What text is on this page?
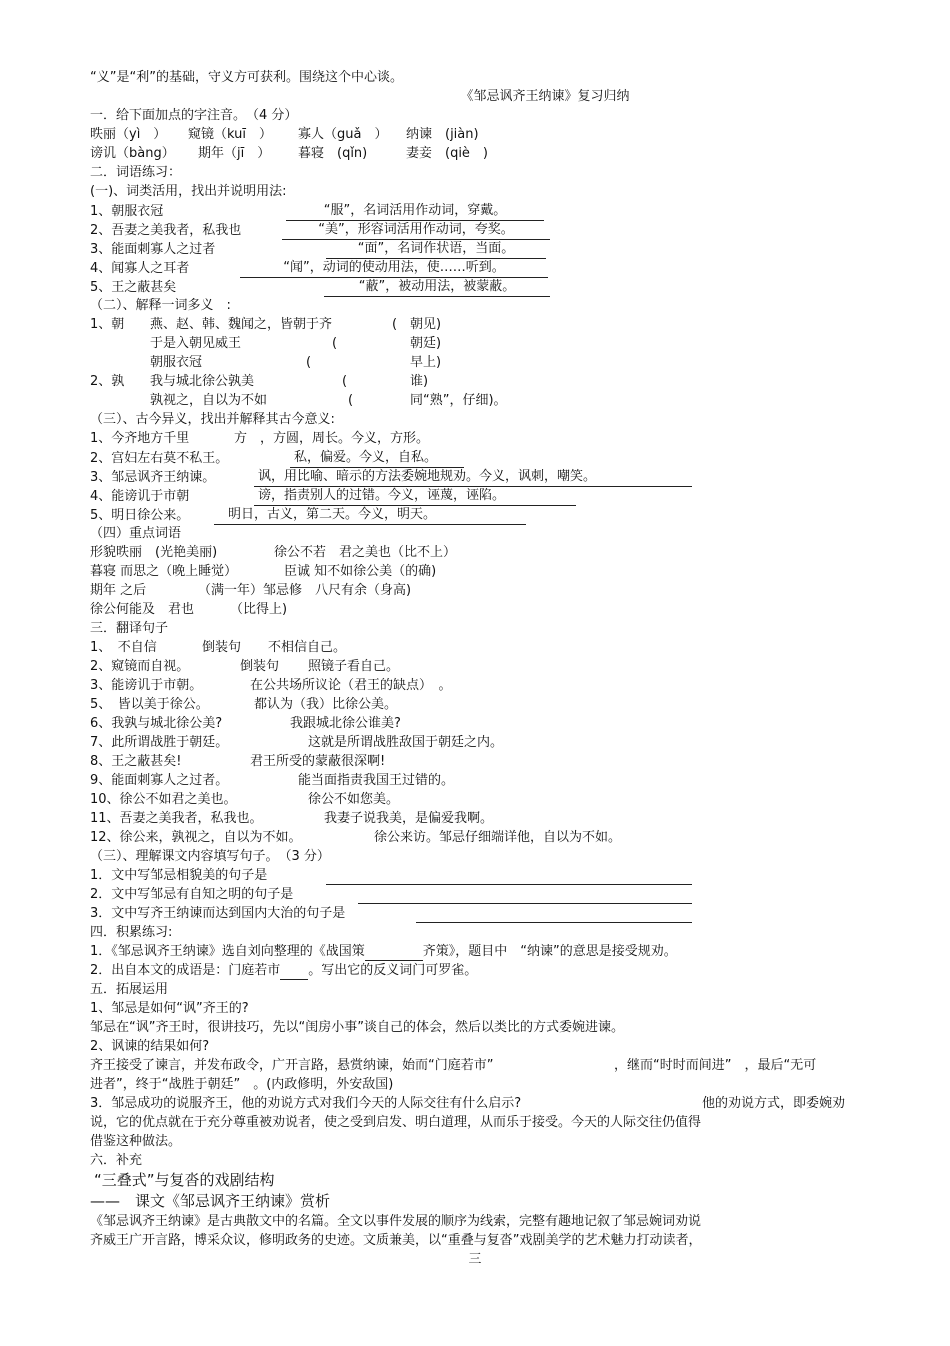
“义”是“利”的基础，守义方可获利。围绕这个中心谈。
《邹忌讽齐王纳谏》复习归纳
一．给下面加点的字注音。　（4 分）
昳丽（yì　） 窥镜（kuī　） 寡人（guǎ　） 纳谏　(jiàn)
谤讥（bàng） 期年（jī　） 暮寝　(qǐn)	妻妾　(qiè　)
二．词语练习：
(一)、词类活用，找出并说明用法:
1、朝服衣冠	“服”，名词活用作动词，穿戴。
2、吾妻之美我者，私我也	“美”，形容词活用作动词，夸奖。
3、能面刺寡人之过者	“面”，名词作状语，当面。
4、闻寡人之耳者	“闻”，动词的使动用法，使……听到。
5、王之蔽甚矣	“蔽”，被动用法，被蒙蔽。
（二）、解释一词多义　:
1、朝 燕、赵、韩、魏闻之，皆朝于齐	( 朝见)
于是入朝见威王	(	朝廷)
朝服衣冠	(	早上)
2、孰 我与城北徐公孰美	(	谁)
孰视之，自以为不如	(	同“熟”，仔细)。
（三）、古今异义，找出并解释其古今意义:
1、今齐地方千里	方　，方圆，周长。今义，方形。
2、宫妇左右莫不私王。	私，偏爱。今义，自私。
3、邹忌讽齐王纳谏。	讽，用比喻、暗示的方法委婉地规劝。今义，讽刺，嘲笑。
4、能谤讥于市朝	谤，指责别人的过错。今义，诬蔑，诬陷。
5、明日徐公来。	明日，古义，第二天。今义，明天。
（四）重点词语
形貌昳丽　(光艳美丽)	徐公不若　君之美也（比不上）
暮寝 而思之（晚上睡觉）	臣诚 知不如徐公美（的确)
期年 之后	（满一年）邹忌修　八尺有余（身高)
徐公何能及　君也	（比得上)
三．翻译句子
1、　不自信	倒装句 不相信自己。
2、窥镜而自视。	倒装句 照镜子看自己。
3、能谤讥于市朝。	在公共场所议论（君王的缺点）　。
5、　皆以美于徐公。	都认为（我）比徐公美。
6、我孰与城北徐公美?	我跟城北徐公谁美?
7、此所谓战胜于朝廷。	这就是所谓战胜敌国于朝廷之内。
8、王之蔽甚矣!	君王所受的蒙蔽很深啊!
9、能面刺寡人之过者。	能当面指责我国王过错的。
10、徐公不如君之美也。	徐公不如您美。
11、吾妻之美我者，私我也。	我妻子说我美，是偏爱我啊。
12、徐公来，孰视之，自以为不如。	徐公来访。邹忌仔细端详他，自以为不如。
（三）、理解课文内容填写句子。　（3 分）
1．文中写邹忌相貌美的句子是
2．文中写邹忌有自知之明的句子是
3．文中写齐王纳谏而达到国内大治的句子是
四．积累练习:
1．《邹忌讽齐王纳谏》选自刘向整理的《战国策	齐策》，题目中　“纳谏”的意思是接受规劝。
2．出自本文的成语是：门庭若市 。写出它的反义词门可罗雀。
五．拓展运用
1、邹忌是如何“讽”齐王的?
邹忌在“讽”齐王时，很讲技巧，先以“闺房小事”谈自己的体会，然后以类比的方式委婉进谏。
2、讽谏的结果如何?
齐王接受了谏言，并发布政令，广开言路，悬赏纳谏，始而“门庭若市”	，继而“时时而间进”　，最后“无可
进者”，终于“战胜于朝廷”　。(内政修明，外安敌国)
3．邹忌成功的说服齐王，他的劝说方式对我们今天的人际交往有什么启示?	他的劝说方式，即委婉劝
说，它的优点就在于充分尊重被劝说者，使之受到启发、明白道理，从而乐于接受。今天的人际交往仍值得
借鉴这种做法。
六．补充
“三叠式”与复沓的戏剧结构
——　课文《邹忌讽齐王纳谏》赏析
《邹忌讽齐王纳谏》是古典散文中的名篇。全文以事件发展的顺序为线索，完整有趣地记叙了邹忌婉词劝说
齐威王广开言路，博采众议，修明政务的史迹。文质兼美，以“重叠与复沓”戏剧美学的艺术魅力打动读者，
三
